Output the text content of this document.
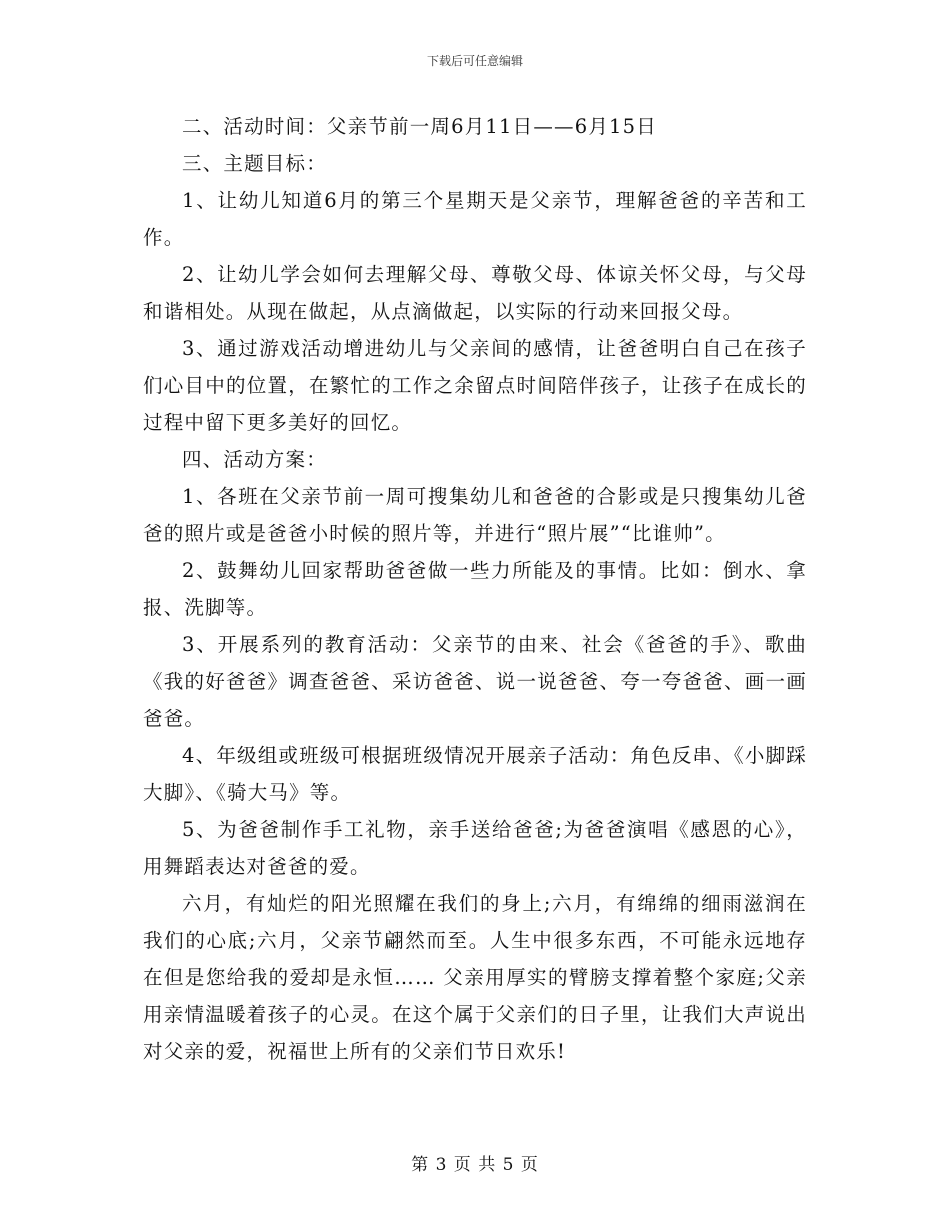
下载后可任意编辑

二、活动时间：父亲节前一周6月11日——6月15日

三、主题目标：

1、让幼儿知道6月的第三个星期天是父亲节，理解爸爸的辛苦和工作。

2、让幼儿学会如何去理解父母、尊敬父母、体谅关怀父母，与父母和谐相处。从现在做起，从点滴做起，以实际的行动来回报父母。

3、通过游戏活动增进幼儿与父亲间的感情，让爸爸明白自己在孩子们心目中的位置，在繁忙的工作之余留点时间陪伴孩子，让孩子在成长的过程中留下更多美好的回忆。

四、活动方案：

1、各班在父亲节前一周可搜集幼儿和爸爸的合影或是只搜集幼儿爸爸的照片或是爸爸小时候的照片等，并进行“照片展”“比谁帅”。

2、鼓舞幼儿回家帮助爸爸做一些力所能及的事情。比如：倒水、拿报、洗脚等。

3、开展系列的教育活动：父亲节的由来、社会《爸爸的手》、歌曲《我的好爸爸》调查爸爸、采访爸爸、说一说爸爸、夸一夸爸爸、画一画爸爸。

4、年级组或班级可根据班级情况开展亲子活动：角色反串、《小脚踩大脚》、《骑大马》等。

5、为爸爸制作手工礼物，亲手送给爸爸;为爸爸演唱《感恩的心》，用舞蹈表达对爸爸的爱。

六月，有灿烂的阳光照耀在我们的身上;六月，有绵绵的细雨滋润在我们的心底;六月，父亲节翩然而至。人生中很多东西，不可能永远地存在但是您给我的爱却是永恒…… 父亲用厚实的臂膀支撑着整个家庭;父亲用亲情温暖着孩子的心灵。在这个属于父亲们的日子里，让我们大声说出对父亲的爱，祝福世上所有的父亲们节日欢乐!

第 3 页 共 5 页
